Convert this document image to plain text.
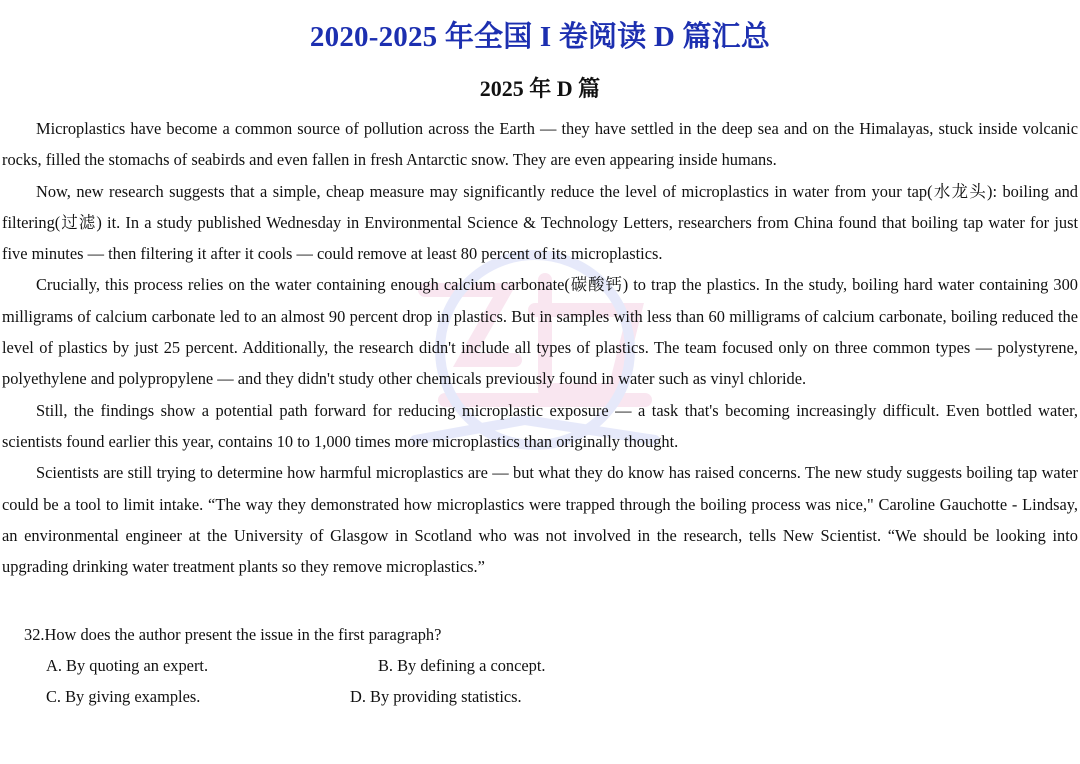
2020-2025 年全国 I 卷阅读 D 篇汇总
2025 年 D 篇

Microplastics have become a common source of pollution across the Earth — they have settled in the deep sea and on the Himalayas, stuck inside volcanic rocks, filled the stomachs of seabirds and even fallen in fresh Antarctic snow. They are even appearing inside humans.

Now, new research suggests that a simple, cheap measure may significantly reduce the level of microplastics in water from your tap(水龙头): boiling and filtering(过滤) it. In a study published Wednesday in Environmental Science & Technology Letters, researchers from China found that boiling tap water for just five minutes — then filtering it after it cools — could remove at least 80 percent of its microplastics.

Crucially, this process relies on the water containing enough calcium carbonate(碳酸钙) to trap the plastics. In the study, boiling hard water containing 300 milligrams of calcium carbonate led to an almost 90 percent drop in plastics. But in samples with less than 60 milligrams of calcium carbonate, boiling reduced the level of plastics by just 25 percent. Additionally, the research didn't include all types of plastics. The team focused only on three common types — polystyrene, polyethylene and polypropylene — and they didn't study other chemicals previously found in water such as vinyl chloride.

Still, the findings show a potential path forward for reducing microplastic exposure — a task that's becoming increasingly difficult. Even bottled water, scientists found earlier this year, contains 10 to 1,000 times more microplastics than originally thought.

Scientists are still trying to determine how harmful microplastics are — but what they do know has raised concerns. The new study suggests boiling tap water could be a tool to limit intake. “The way they demonstrated how microplastics were trapped through the boiling process was nice," Caroline Gauchotte - Lindsay, an environmental engineer at the University of Glasgow in Scotland who was not involved in the research, tells New Scientist. “We should be looking into upgrading drinking water treatment plants so they remove microplastics.”

32.How does the author present the issue in the first paragraph?
A. By quoting an expert.	B. By defining a concept.
C. By giving examples.	D. By providing statistics.
